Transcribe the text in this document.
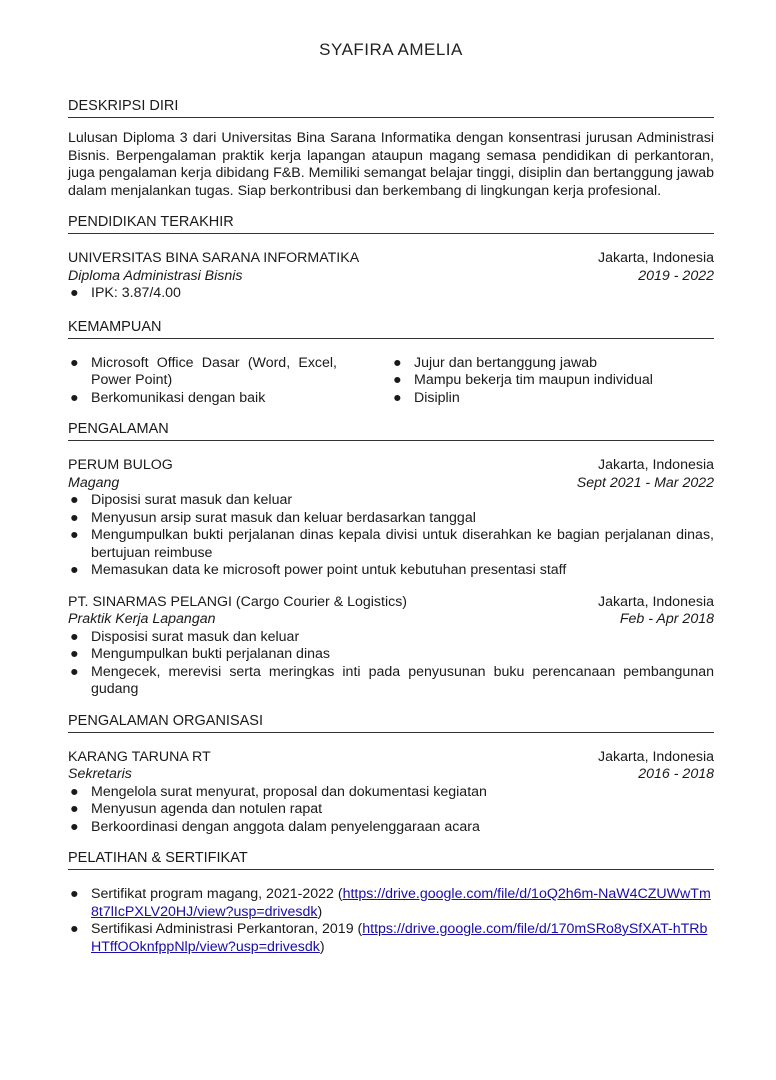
SYAFIRA AMELIA
DESKRIPSI DIRI

Lulusan Diploma 3 dari Universitas Bina Sarana Informatika dengan konsentrasi jurusan Administrasi Bisnis. Berpengalaman praktik kerja lapangan ataupun magang semasa pendidikan di perkantoran, juga pengalaman kerja dibidang F&B. Memiliki semangat belajar tinggi, disiplin dan bertanggung jawab dalam menjalankan tugas. Siap berkontribusi dan berkembang di lingkungan kerja profesional.

PENDIDIKAN TERAKHIR
UNIVERSITAS BINA SARANA INFORMATIKA	Jakarta, Indonesia
Diploma Administrasi Bisnis	2019 - 2022
● IPK: 3.87/4.00
KEMAMPUAN
● Microsoft Office Dasar (Word, Excel, Power Point)
● Berkomunikasi dengan baik
● Jujur dan bertanggung jawab
● Mampu bekerja tim maupun individual
● Disiplin
PENGALAMAN
PERUM BULOG	Jakarta, Indonesia
Magang	Sept 2021 - Mar 2022
● Diposisi surat masuk dan keluar
● Menyusun arsip surat masuk dan keluar berdasarkan tanggal
● Mengumpulkan bukti perjalanan dinas kepala divisi untuk diserahkan ke bagian perjalanan dinas, bertujuan reimbuse
● Memasukan data ke microsoft power point untuk kebutuhan presentasi staff
PT. SINARMAS PELANGI (Cargo Courier & Logistics)	Jakarta, Indonesia
Praktik Kerja Lapangan	Feb - Apr 2018
● Disposisi surat masuk dan keluar
● Mengumpulkan bukti perjalanan dinas
● Mengecek, merevisi serta meringkas inti pada penyusunan buku perencanaan pembangunan gudang
PENGALAMAN ORGANISASI
KARANG TARUNA RT	Jakarta, Indonesia
Sekretaris	2016 - 2018
● Mengelola surat menyurat, proposal dan dokumentasi kegiatan
● Menyusun agenda dan notulen rapat
● Berkoordinasi dengan anggota dalam penyelenggaraan acara
PELATIHAN & SERTIFIKAT
● Sertifikat program magang, 2021-2022 (https://drive.google.com/file/d/1oQ2h6m-NaW4CZUWwTm8t7lIcPXLV20HJ/view?usp=drivesdk)
● Sertifikasi Administrasi Perkantoran, 2019 (https://drive.google.com/file/d/170mSRo8ySfXAT-hTRbHTffOOknfppNlp/view?usp=drivesdk)
